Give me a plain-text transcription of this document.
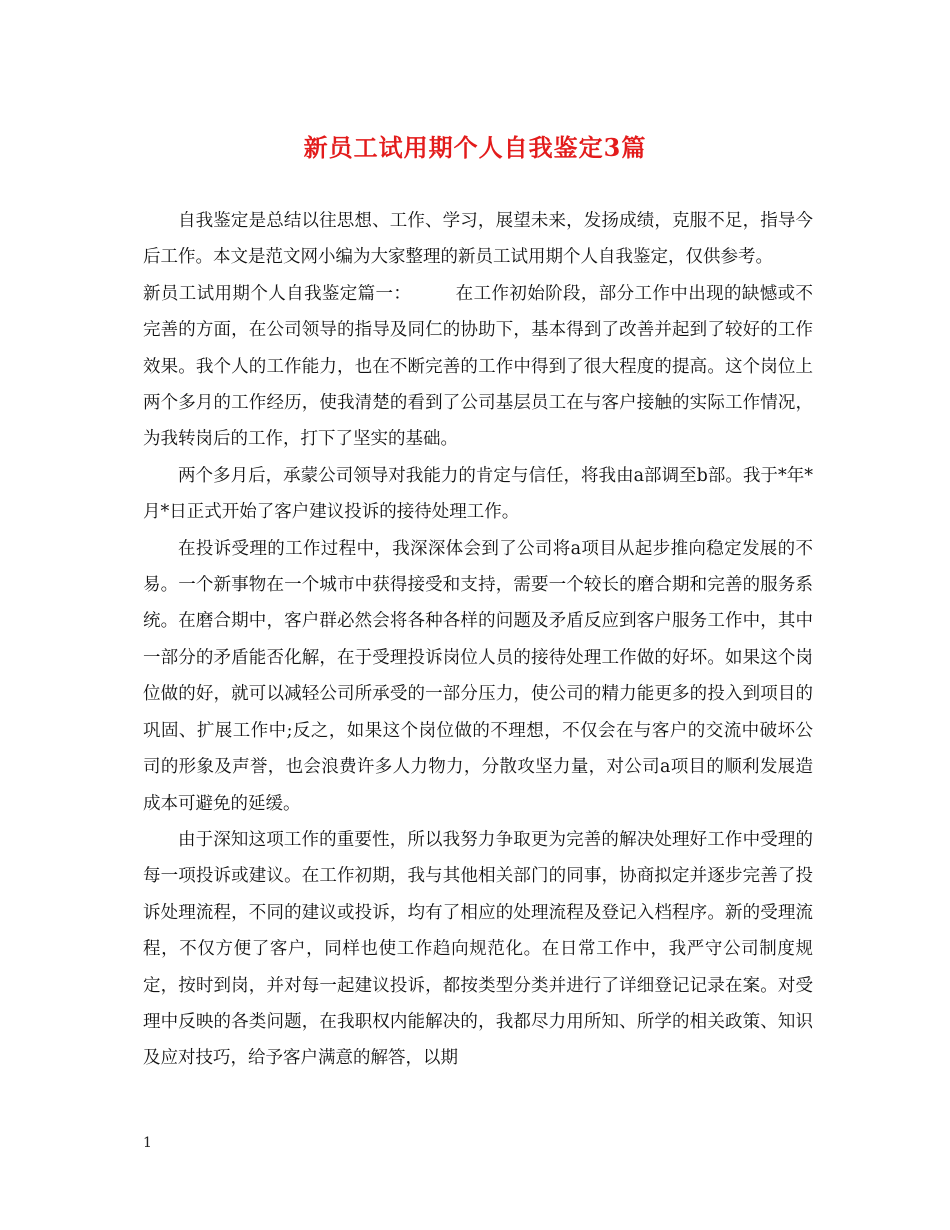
新员工试用期个人自我鉴定3篇

自我鉴定是总结以往思想、工作、学习，展望未来，发扬成绩，克服不足，指导今后工作。本文是范文网小编为大家整理的新员工试用期个人自我鉴定，仅供参考。

新员工试用期个人自我鉴定篇一：	在工作初始阶段，部分工作中出现的缺憾或不完善的方面，在公司领导的指导及同仁的协助下，基本得到了改善并起到了较好的工作效果。我个人的工作能力，也在不断完善的工作中得到了很大程度的提高。这个岗位上两个多月的工作经历，使我清楚的看到了公司基层员工在与客户接触的实际工作情况，为我转岗后的工作，打下了坚实的基础。

两个多月后，承蒙公司领导对我能力的肯定与信任，将我由a部调至b部。我于*年*月*日正式开始了客户建议投诉的接待处理工作。

在投诉受理的工作过程中，我深深体会到了公司将a项目从起步推向稳定发展的不易。一个新事物在一个城市中获得接受和支持，需要一个较长的磨合期和完善的服务系统。在磨合期中，客户群必然会将各种各样的问题及矛盾反应到客户服务工作中，其中一部分的矛盾能否化解，在于受理投诉岗位人员的接待处理工作做的好坏。如果这个岗位做的好，就可以减轻公司所承受的一部分压力，使公司的精力能更多的投入到项目的巩固、扩展工作中;反之，如果这个岗位做的不理想，不仅会在与客户的交流中破坏公司的形象及声誉，也会浪费许多人力物力，分散攻坚力量，对公司a项目的顺利发展造成本可避免的延缓。

由于深知这项工作的重要性，所以我努力争取更为完善的解决处理好工作中受理的每一项投诉或建议。在工作初期，我与其他相关部门的同事，协商拟定并逐步完善了投诉处理流程，不同的建议或投诉，均有了相应的处理流程及登记入档程序。新的受理流程，不仅方便了客户，同样也使工作趋向规范化。在日常工作中，我严守公司制度规定，按时到岗，并对每一起建议投诉，都按类型分类并进行了详细登记记录在案。对受理中反映的各类问题，在我职权内能解决的，我都尽力用所知、所学的相关政策、知识及应对技巧，给予客户满意的解答，以期

1
